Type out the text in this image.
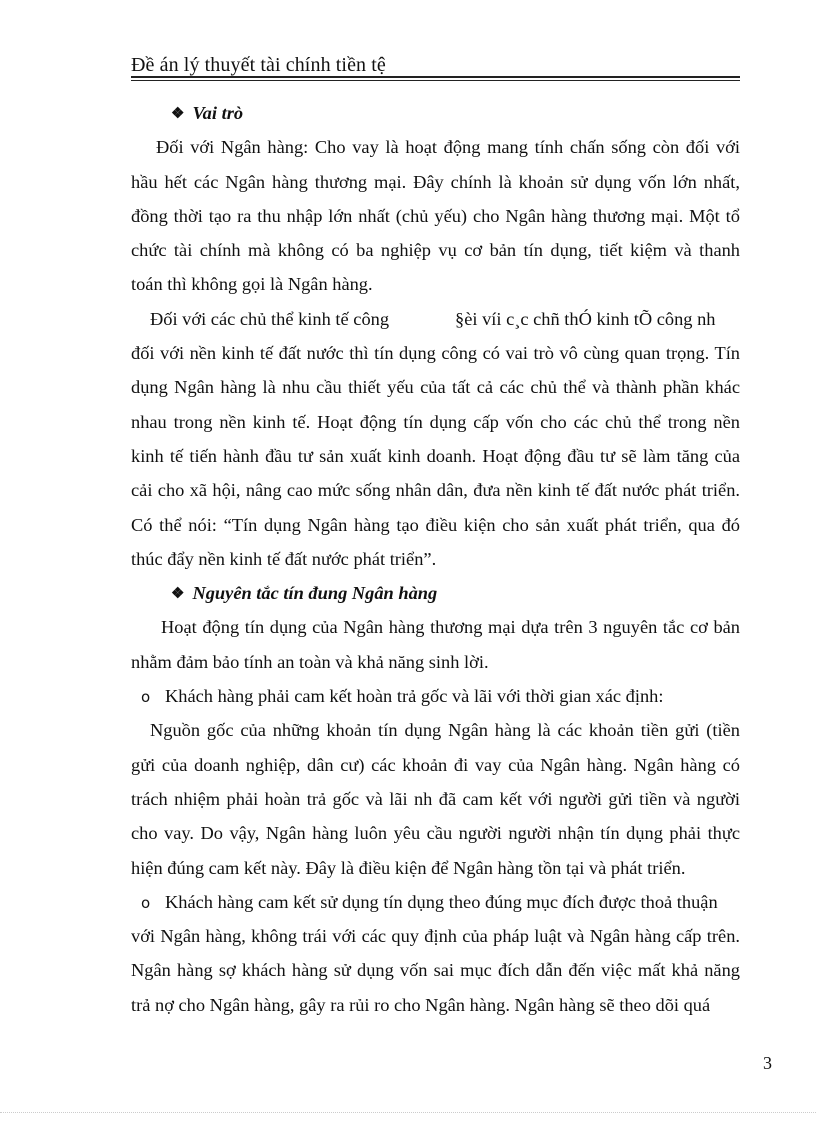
Đề án lý thuyết tài chính tiền tệ
❖ Vai trò
Đối với Ngân hàng: Cho vay là hoạt động mang tính chấn sống còn đối với
hầu hết các Ngân hàng thương mại. Đây chính là khoản sử dụng vốn lớn nhất,
đồng thời tạo ra thu nhập lớn nhất (chủ yếu) cho Ngân hàng thương mại. Một tổ
chức tài chính mà không có ba nghiệp vụ cơ bản tín dụng, tiết kiệm và thanh
toán thì không gọi là Ngân hàng.
Đối với các chủ thể kinh tế công	§èi víi c¸c chñ thÓ kinh tÕ công nh
đối với nền kinh tế đất nước thì tín dụng công có vai trò vô cùng quan trọng. Tín
dụng Ngân hàng là nhu cầu thiết yếu của tất cả các chủ thể và thành phần khác
nhau trong nền kinh tế. Hoạt động tín dụng cấp vốn cho các chủ thể trong nền
kinh tế tiến hành đầu tư sản xuất kinh doanh. Hoạt động đầu tư sẽ làm tăng của
cải cho xã hội, nâng cao mức sống nhân dân, đưa nền kinh tế đất nước phát triển.
Có thể nói: “Tín dụng Ngân hàng tạo điều kiện cho sản xuất phát triển, qua đó
thúc đẩy nền kinh tế đất nước phát triển”.
❖ Nguyên tắc tín đung Ngân hàng
Hoạt động tín dụng của Ngân hàng thương mại dựa trên 3 nguyên tắc cơ bản
nhằm đảm bảo tính an toàn và khả năng sinh lời.
o Khách hàng phải cam kết hoàn trả gốc và lãi với thời gian xác định:
Nguồn gốc của những khoản tín dụng Ngân hàng là các khoản tiền gửi (tiền
gửi của doanh nghiệp, dân cư) các khoản đi vay của Ngân hàng. Ngân hàng có
trách nhiệm phải hoàn trả gốc và lãi nh đã cam kết với người gửi tiền và người
cho vay. Do vậy, Ngân hàng luôn yêu cầu người người nhận tín dụng phải thực
hiện đúng cam kết này. Đây là điều kiện để Ngân hàng tồn tại và phát triển.
o Khách hàng cam kết sử dụng tín dụng theo đúng mục đích được thoả thuận
với Ngân hàng, không trái với các quy định của pháp luật và Ngân hàng cấp trên.
Ngân hàng sợ khách hàng sử dụng vốn sai mục đích dẫn đến việc mất khả năng
trả nợ cho Ngân hàng, gây ra rủi ro cho Ngân hàng. Ngân hàng sẽ theo dõi quá
3
